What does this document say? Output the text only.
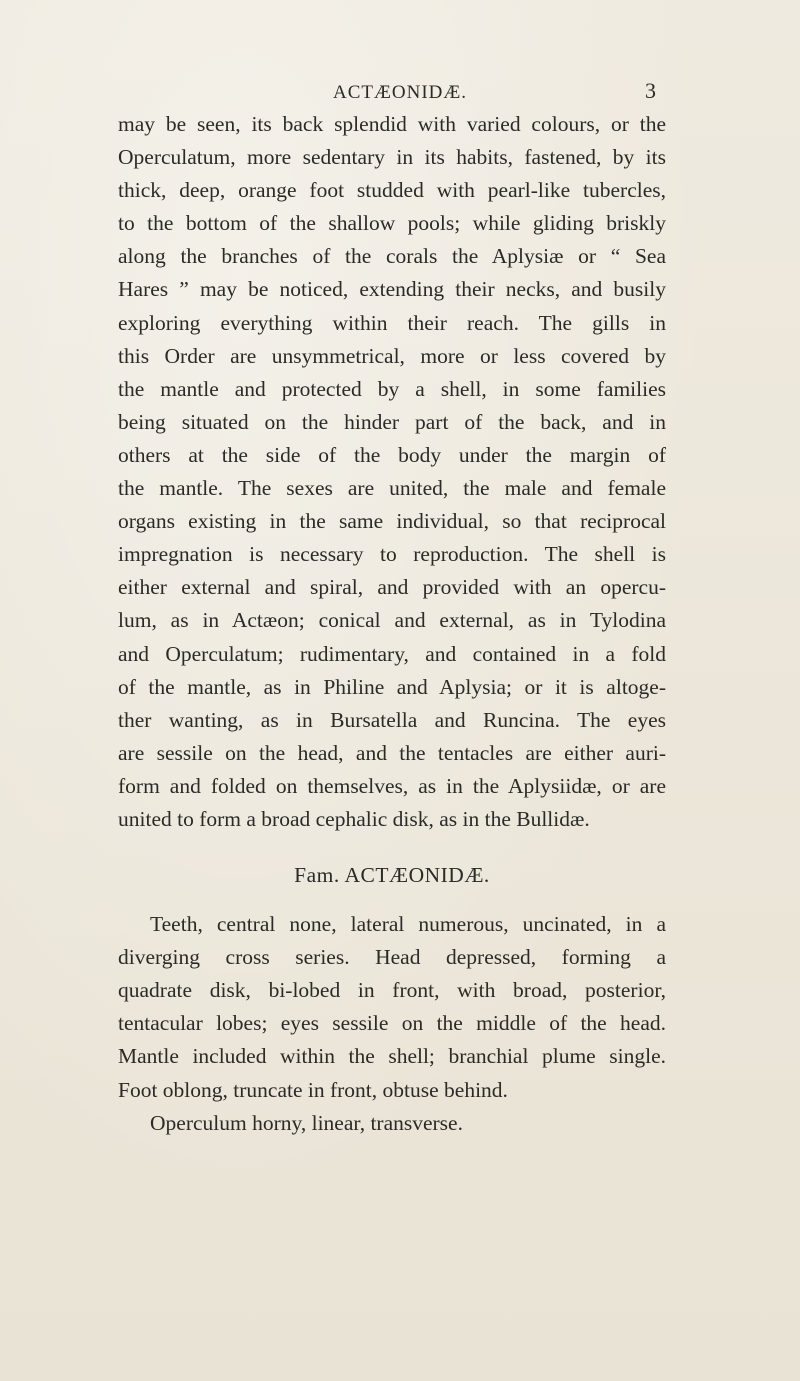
ACTÆONIDÆ.	3
may be seen, its back splendid with varied colours, or the
Operculatum, more sedentary in its habits, fastened, by its
thick, deep, orange foot studded with pearl-like tubercles,
to the bottom of the shallow pools; while gliding briskly
along the branches of the corals the Aplysiæ or “ Sea
Hares ” may be noticed, extending their necks, and busily
exploring everything within their reach. The gills in
this Order are unsymmetrical, more or less covered by
the mantle and protected by a shell, in some families
being situated on the hinder part of the back, and in
others at the side of the body under the margin of
the mantle. The sexes are united, the male and female
organs existing in the same individual, so that reciprocal
impregnation is necessary to reproduction. The shell is
either external and spiral, and provided with an opercu-
lum, as in Actæon; conical and external, as in Tylodina
and Operculatum; rudimentary, and contained in a fold
of the mantle, as in Philine and Aplysia; or it is altoge-
ther wanting, as in Bursatella and Runcina. The eyes
are sessile on the head, and the tentacles are either auri-
form and folded on themselves, as in the Aplysiidæ, or are
united to form a broad cephalic disk, as in the Bullidæ.
Fam. ACTÆONIDÆ.
Teeth, central none, lateral numerous, uncinated, in a
diverging cross series. Head depressed, forming a
quadrate disk, bi-lobed in front, with broad, posterior,
tentacular lobes; eyes sessile on the middle of the head.
Mantle included within the shell; branchial plume single.
Foot oblong, truncate in front, obtuse behind.
Operculum horny, linear, transverse.
